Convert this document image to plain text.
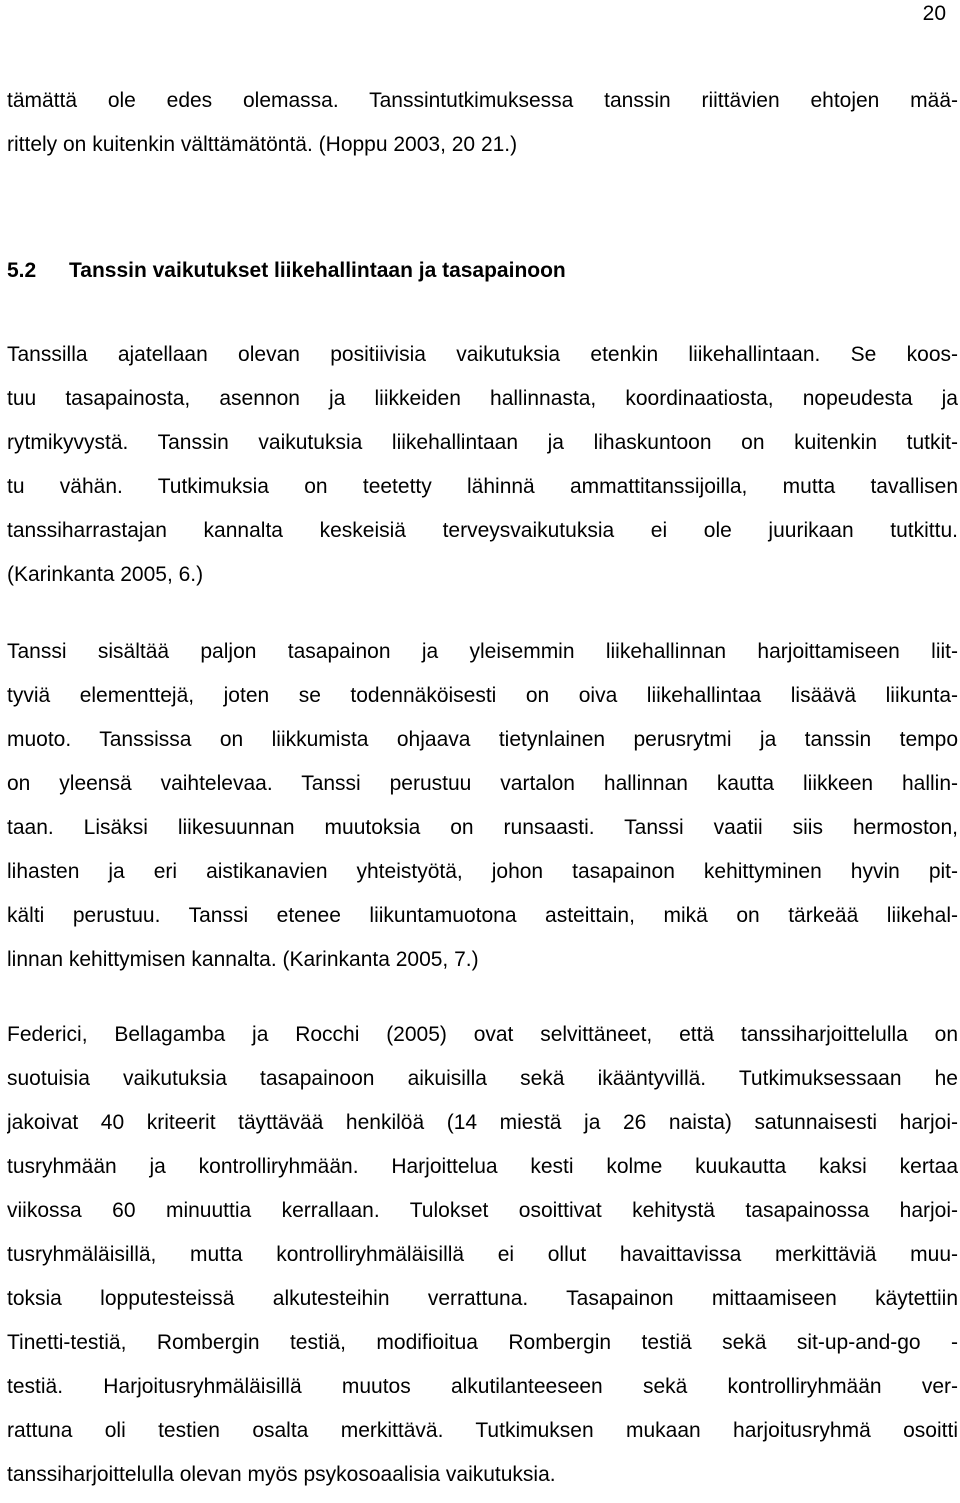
20
tämättä ole edes olemassa. Tanssintutkimuksessa tanssin riittävien ehtojen mää-
rittely on kuitenkin välttämätöntä. (Hoppu 2003, 20 21.)
5.2 Tanssin vaikutukset liikehallintaan ja tasapainoon
Tanssilla ajatellaan olevan positiivisia vaikutuksia etenkin liikehallintaan. Se koos-
tuu tasapainosta, asennon ja liikkeiden hallinnasta, koordinaatiosta, nopeudesta ja
rytmikyvystä. Tanssin vaikutuksia liikehallintaan ja lihaskuntoon on kuitenkin tutkit-
tu vähän. Tutkimuksia on teetetty lähinnä ammattitanssijoilla, mutta tavallisen
tanssiharrastajan kannalta keskeisiä terveysvaikutuksia ei ole juurikaan tutkittu.
(Karinkanta 2005, 6.)
Tanssi sisältää paljon tasapainon ja yleisemmin liikehallinnan harjoittamiseen liit-
tyviä elementtejä, joten se todennäköisesti on oiva liikehallintaa lisäävä liikunta-
muoto. Tanssissa on liikkumista ohjaava tietynlainen perusrytmi ja tanssin tempo
on yleensä vaihtelevaa. Tanssi perustuu vartalon hallinnan kautta liikkeen hallin-
taan. Lisäksi liikesuunnan muutoksia on runsaasti. Tanssi vaatii siis hermoston,
lihasten ja eri aistikanavien yhteistyötä, johon tasapainon kehittyminen hyvin pit-
kälti perustuu. Tanssi etenee liikuntamuotona asteittain, mikä on tärkeää liikehal-
linnan kehittymisen kannalta. (Karinkanta 2005, 7.)
Federici, Bellagamba ja Rocchi (2005) ovat selvittäneet, että tanssiharjoittelulla on
suotuisia vaikutuksia tasapainoon aikuisilla sekä ikääntyvillä. Tutkimuksessaan he
jakoivat 40 kriteerit täyttävää henkilöä (14 miestä ja 26 naista) satunnaisesti harjoi-
tusryhmään ja kontrolliryhmään. Harjoittelua kesti kolme kuukautta kaksi kertaa
viikossa 60 minuuttia kerrallaan. Tulokset osoittivat kehitystä tasapainossa harjoi-
tusryhmäläisillä, mutta kontrolliryhmäläisillä ei ollut havaittavissa merkittäviä muu-
toksia lopputesteissä alkutesteihin verrattuna. Tasapainon mittaamiseen käytettiin
Tinetti-testiä, Rombergin testiä, modifioitua Rombergin testiä sekä sit-up-and-go -
testiä. Harjoitusryhmäläisillä muutos alkutilanteeseen sekä kontrolliryhmään ver-
rattuna oli testien osalta merkittävä. Tutkimuksen mukaan harjoitusryhmä osoitti
tanssiharjoittelulla olevan myös psykosoaalisia vaikutuksia.
